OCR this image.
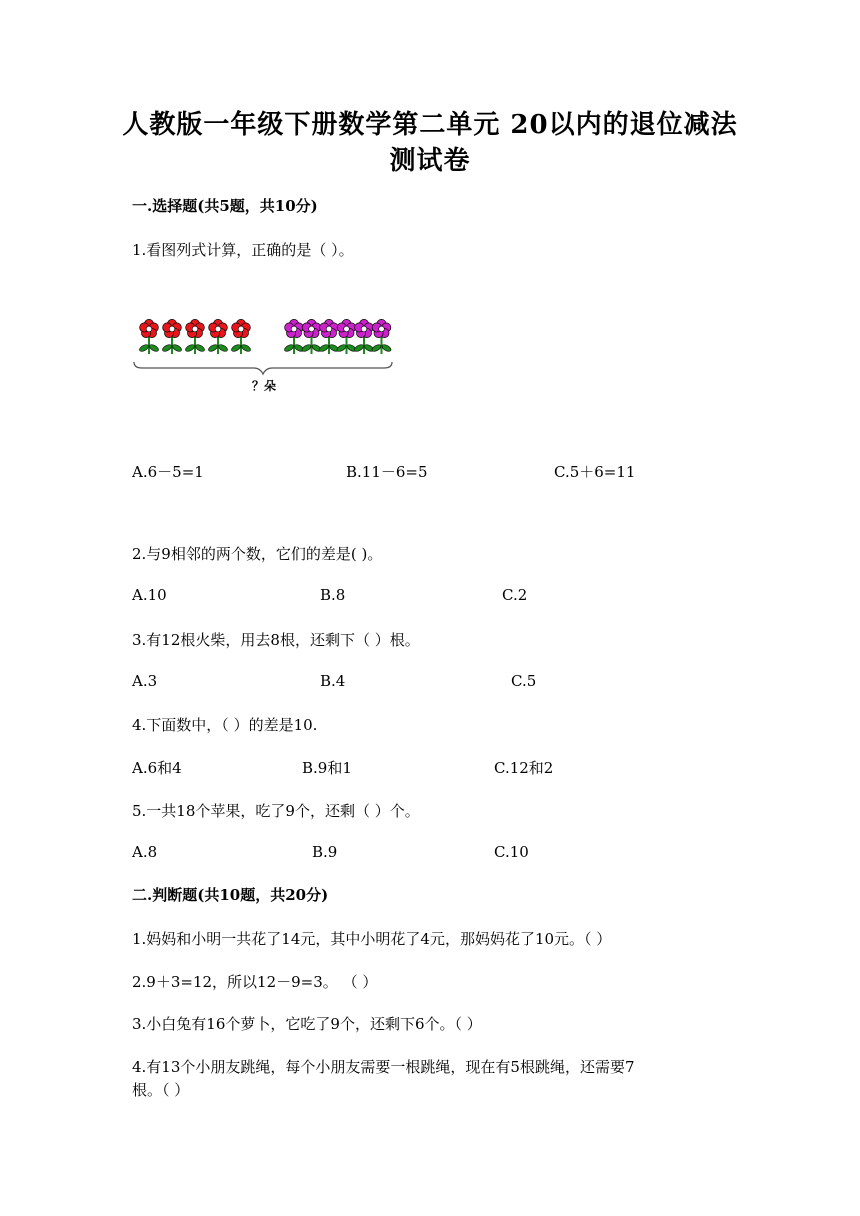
人教版一年级下册数学第二单元 20以内的退位减法
测试卷
一.选择题(共5题，共10分)
1.看图列式计算，正确的是（ ）。
？朵
A.6－5=1	B.11－6=5	C.5＋6=11
2.与9相邻的两个数，它们的差是( )。
A.10	B.8	C.2
3.有12根火柴，用去8根，还剩下（ ）根。
A.3	B.4	C.5
4.下面数中，（ ）的差是10.
A.6和4	B.9和1	C.12和2
5.一共18个苹果，吃了9个，还剩（ ）个。
A.8	B.9	C.10
二.判断题(共10题，共20分)
1.妈妈和小明一共花了14元，其中小明花了4元，那妈妈花了10元。（ ）
2.9＋3=12，所以12－9=3。 （ ）
3.小白兔有16个萝卜，它吃了9个，还剩下6个。（ ）
4.有13个小朋友跳绳，每个小朋友需要一根跳绳，现在有5根跳绳，还需要7
根。（ ）
